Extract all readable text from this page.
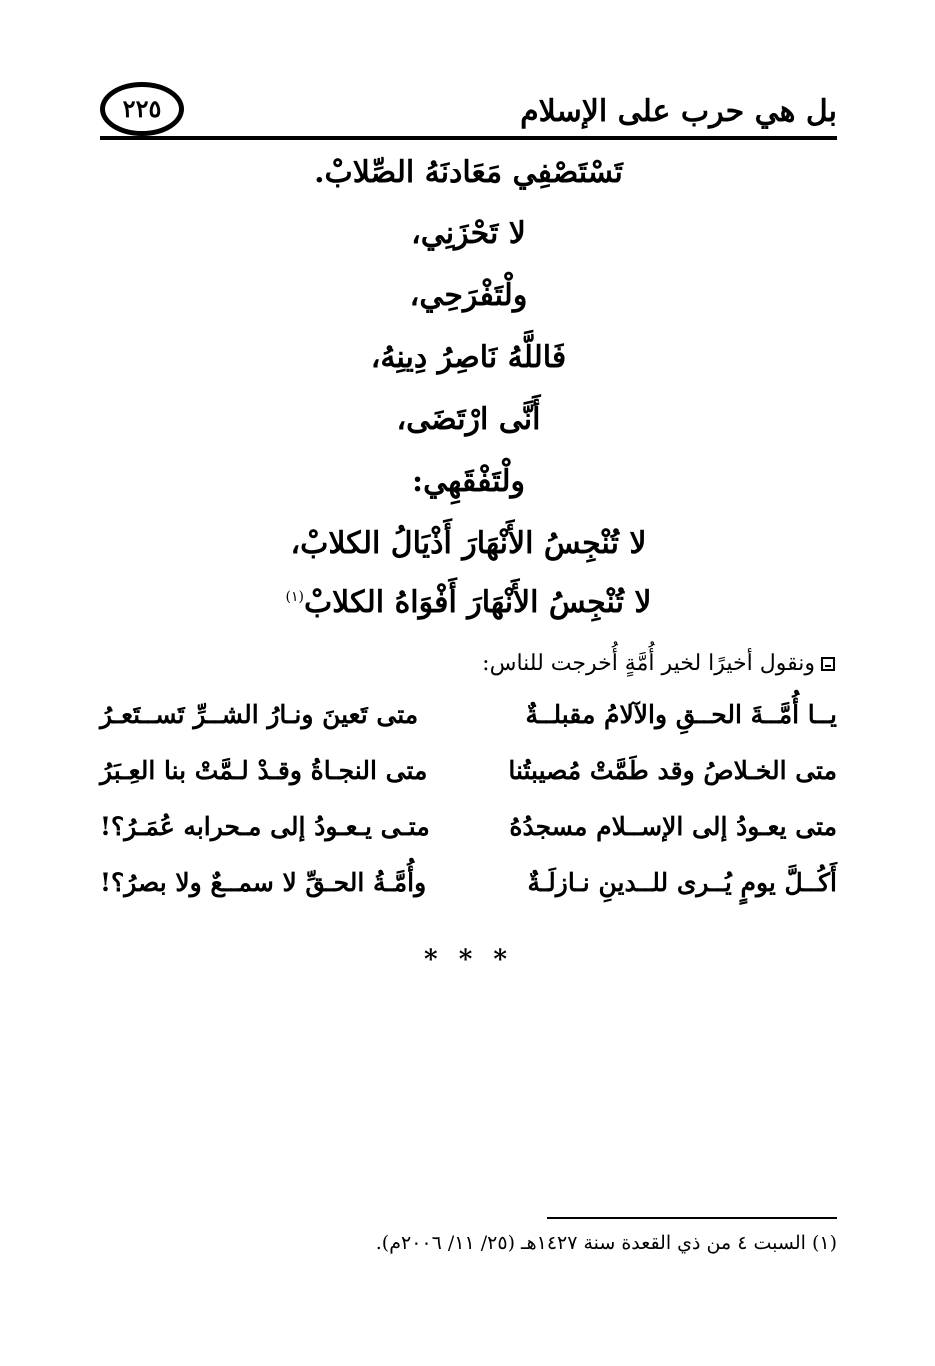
بل هي حرب على الإسلام
٢٢٥
تَسْتَصْفِي مَعَادنَهُ الصِّلابْ.
لا تَحْزَنِي،
ولْتَفْرَحِي،
فَاللَّهُ نَاصِرُ دِينِهُ،
أَنَّى ارْتَضَى،
ولْتَفْقَهِي:
لا تُنْجِسُ الأَنْهَارَ أَذْيَالُ الكلابْ،
لا تُنْجِسُ الأَنْهَارَ أَفْوَاهُ الكلابْ$^{(١)}$
ونقول أخيرًا لخير أُمَّةٍ أُخرجت للناس:
يــا أُمَّــةَ الحــقِ والآلامُ مقبلــةٌ
متى تَعينَ ونـارُ الشــرِّ تَســتَعـرُ
متى الخـلاصُ وقد طَمَّتْ مُصيبتُنا
متى النجـاةُ وقـدْ لـمَّتْ بنا العِـبَرُ
متى يعـودُ إلى الإســلام مسجدُهُ
متـى يـعـودُ إلى مـحرابه عُمَـرُ؟!
أَكُــلَّ يومٍ يُــرى للــدينِ نـازلَـةٌ
وأُمَّـةُ الحـقِّ لا سمــعٌ ولا بصرُ؟!
* * *
(١) السبت ٤ من ذي القعدة سنة ١٤٢٧هـ (٢٥/ ١١/ ٢٠٠٦م).
